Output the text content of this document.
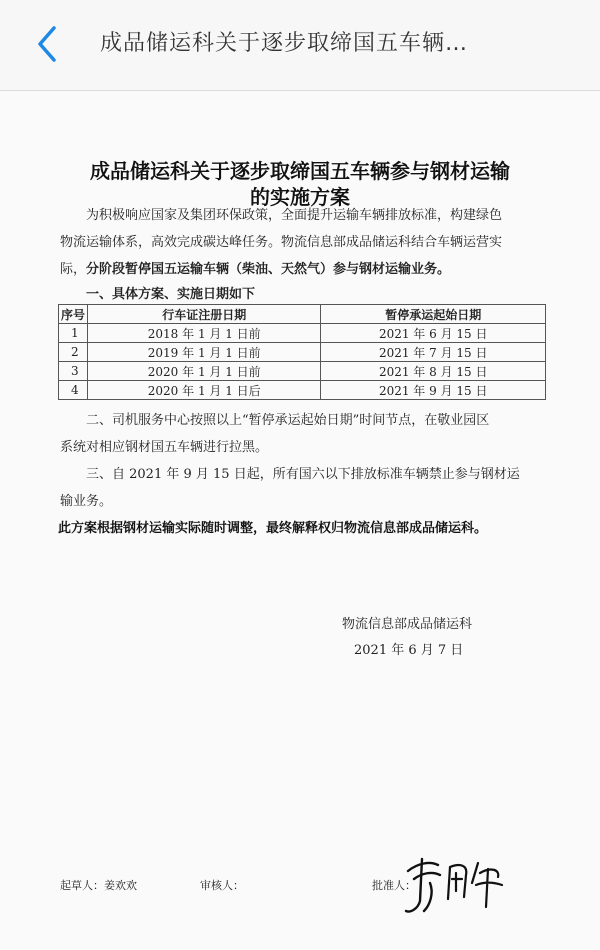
成品储运科关于逐步取缔国五车辆…
成品储运科关于逐步取缔国五车辆参与钢材运输
的实施方案

为积极响应国家及集团环保政策，全面提升运输车辆排放标准，构建绿色

物流运输体系，高效完成碳达峰任务。物流信息部成品储运科结合车辆运营实
际，分阶段暂停国五运输车辆（柴油、天然气）参与钢材运输业务。
一、具体方案、实施日期如下
序号	行车证注册日期	暂停承运起始日期
1	2018 年 1 月 1 日前	2021 年 6 月 15 日
2	2019 年 1 月 1 日前	2021 年 7 月 15 日
3	2020 年 1 月 1 日前	2021 年 8 月 15 日
4	2020 年 1 月 1 日后	2021 年 9 月 15 日

二、司机服务中心按照以上“暂停承运起始日期”时间节点，在敬业园区

系统对相应钢材国五车辆进行拉黑。

三、自 2021 年 9 月 15 日起，所有国六以下排放标准车辆禁止参与钢材运

输业务。
此方案根据钢材运输实际随时调整，最终解释权归物流信息部成品储运科。
物流信息部成品储运科
2021 年 6 月 7 日
起草人：姜欢欢	审核人：	批准人：
